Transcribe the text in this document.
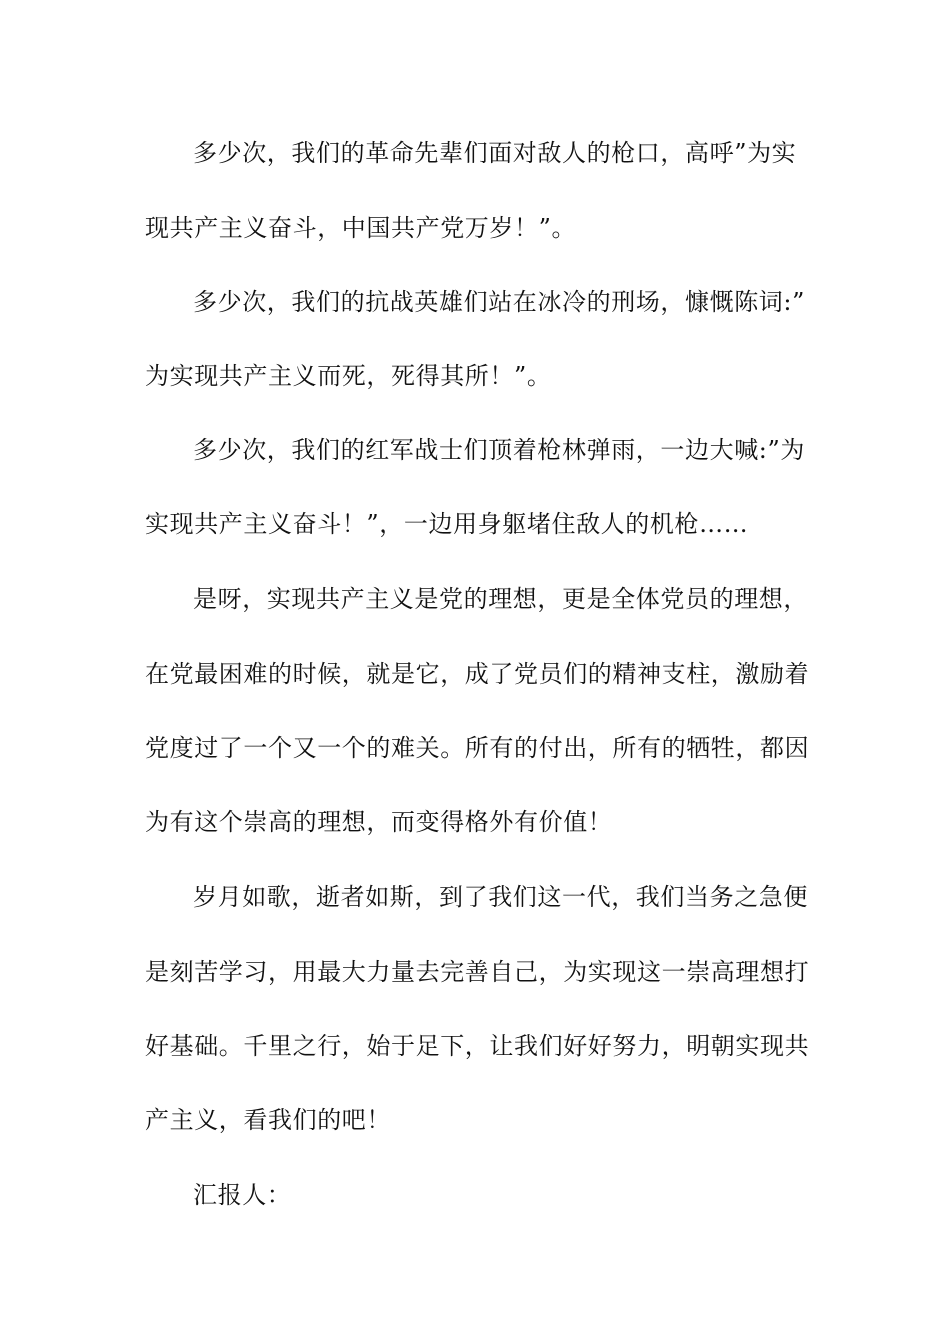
多少次，我们的革命先辈们面对敌人的枪口，高呼”为实

现共产主义奋斗，中国共产党万岁！”。

多少次，我们的抗战英雄们站在冰冷的刑场，慷慨陈词:”

为实现共产主义而死，死得其所！”。

多少次，我们的红军战士们顶着枪林弹雨，一边大喊:”为

实现共产主义奋斗！”，一边用身躯堵住敌人的机枪……

是呀，实现共产主义是党的理想，更是全体党员的理想，

在党最困难的时候，就是它，成了党员们的精神支柱，激励着

党度过了一个又一个的难关。所有的付出，所有的牺牲，都因

为有这个崇高的理想，而变得格外有价值！

岁月如歌，逝者如斯，到了我们这一代，我们当务之急便

是刻苦学习，用最大力量去完善自己，为实现这一崇高理想打

好基础。千里之行，始于足下，让我们好好努力，明朝实现共

产主义，看我们的吧！

汇报人：
